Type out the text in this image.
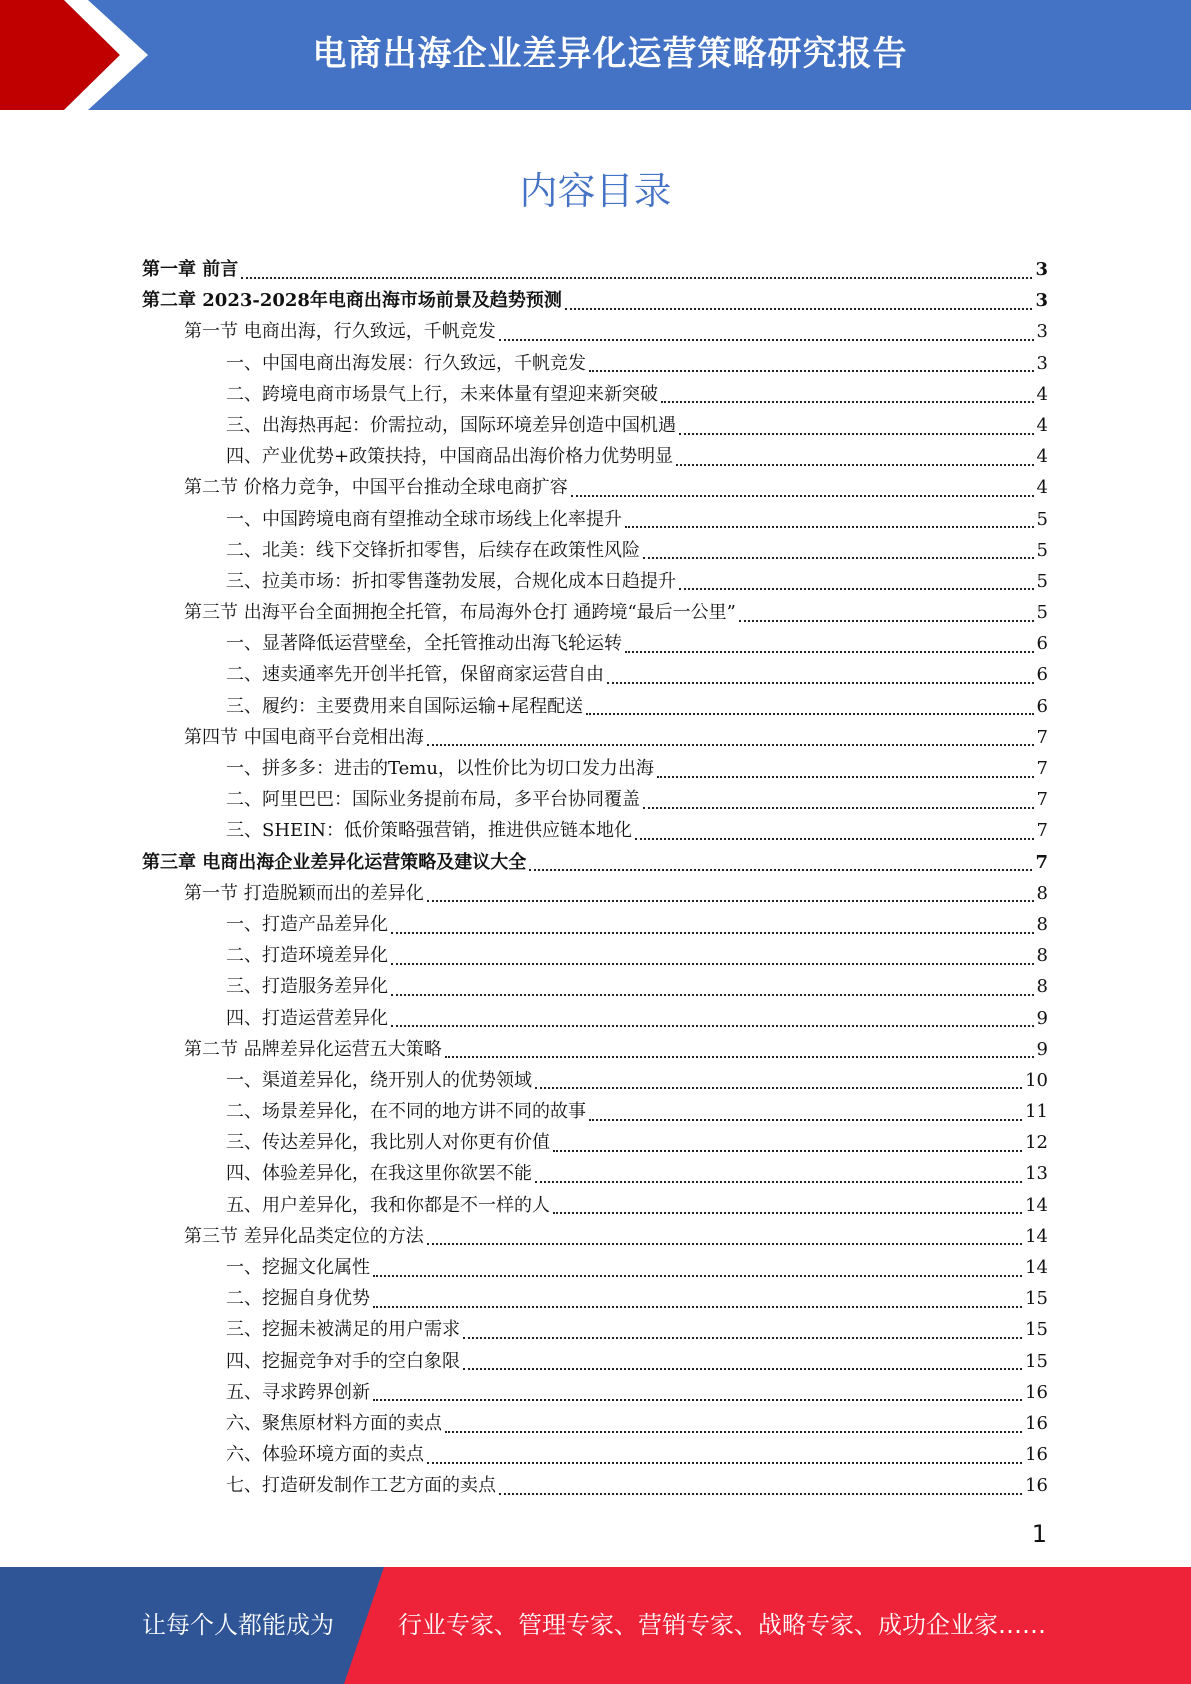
电商出海企业差异化运营策略研究报告
内容目录
第一章 前言	3
第二章 2023-2028年电商出海市场前景及趋势预测	3
第一节 电商出海，行久致远，千帆竞发	3
一、中国电商出海发展：行久致远，千帆竞发	3
二、跨境电商市场景气上行，未来体量有望迎来新突破	4
三、出海热再起：价需拉动，国际环境差异创造中国机遇	4
四、产业优势+政策扶持，中国商品出海价格力优势明显	4
第二节 价格力竞争，中国平台推动全球电商扩容	4
一、中国跨境电商有望推动全球市场线上化率提升	5
二、北美：线下交锋折扣零售，后续存在政策性风险	5
三、拉美市场：折扣零售蓬勃发展，合规化成本日趋提升	5
第三节 出海平台全面拥抱全托管，布局海外仓打 通跨境“最后一公里”	5
一、显著降低运营壁垒，全托管推动出海飞轮运转	6
二、速卖通率先开创半托管，保留商家运营自由	6
三、履约：主要费用来自国际运输+尾程配送	6
第四节 中国电商平台竞相出海	7
一、拼多多：进击的Temu，以性价比为切口发力出海	7
二、阿里巴巴：国际业务提前布局，多平台协同覆盖	7
三、SHEIN：低价策略强营销，推进供应链本地化	7
第三章 电商出海企业差异化运营策略及建议大全	7
第一节 打造脱颖而出的差异化	8
一、打造产品差异化	8
二、打造环境差异化	8
三、打造服务差异化	8
四、打造运营差异化	9
第二节 品牌差异化运营五大策略	9
一、渠道差异化，绕开别人的优势领域	10
二、场景差异化，在不同的地方讲不同的故事	11
三、传达差异化，我比别人对你更有价值	12
四、体验差异化，在我这里你欲罢不能	13
五、用户差异化，我和你都是不一样的人	14
第三节 差异化品类定位的方法	14
一、挖掘文化属性	14
二、挖掘自身优势	15
三、挖掘未被满足的用户需求	15
四、挖掘竞争对手的空白象限	15
五、寻求跨界创新	16
六、聚焦原材料方面的卖点	16
六、体验环境方面的卖点	16
七、打造研发制作工艺方面的卖点	16
1
让每个人都能成为	行业专家、管理专家、营销专家、战略专家、成功企业家……
